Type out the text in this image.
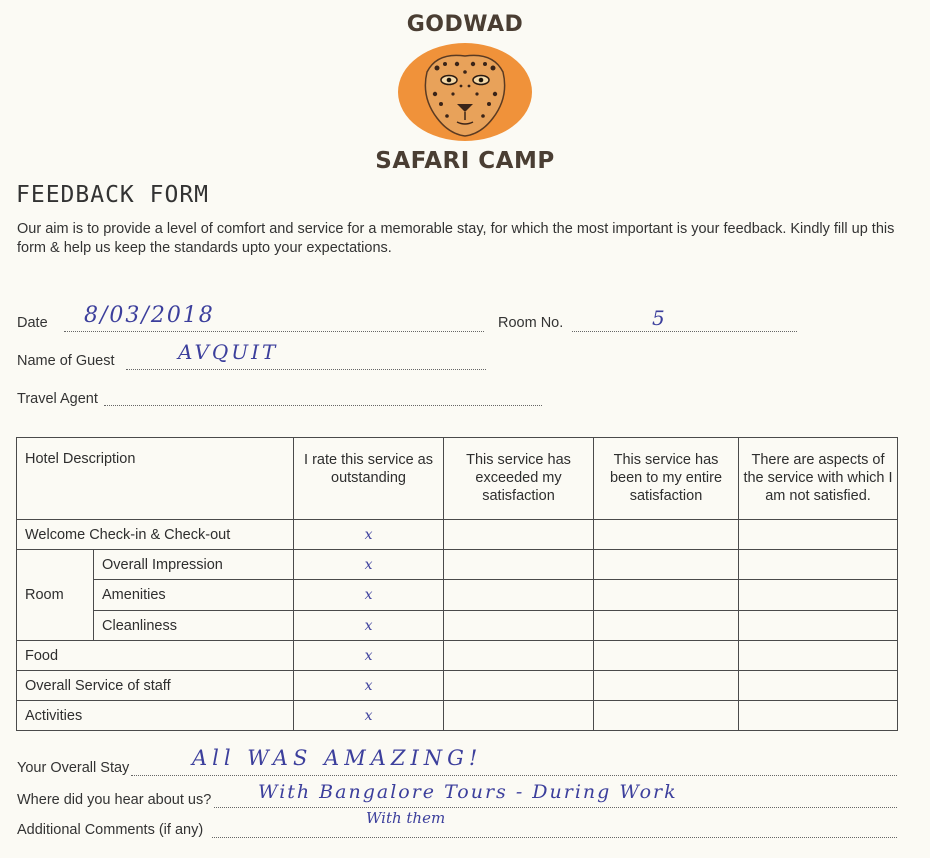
GODWAD
SAFARI CAMP
FEEDBACK FORM
Our aim is to provide a level of comfort and service for a memorable stay, for which the most important is your feedback. Kindly fill up this form & help us keep the standards upto your expectations.
Date 8/03/2018	Room No.	5
Name of Guest	AVQUIT
Travel Agent
Hotel Description		I rate this service as outstanding	This service has exceeded my satisfaction	This service has been to my entire satisfaction	There are aspects of the service with which I am not satisfied.
Welcome Check-in & Check-out		x			
Room	Overall Impression	x			
	Amenities	x			
	Cleanliness	x			
Food		x			
Overall Service of staff		x			
Activities		x			
Your Overall Stay	All WAS AMAZING!
Where did you hear about us? With Bangalore Tours - During Work
Additional Comments (if any)
With them
